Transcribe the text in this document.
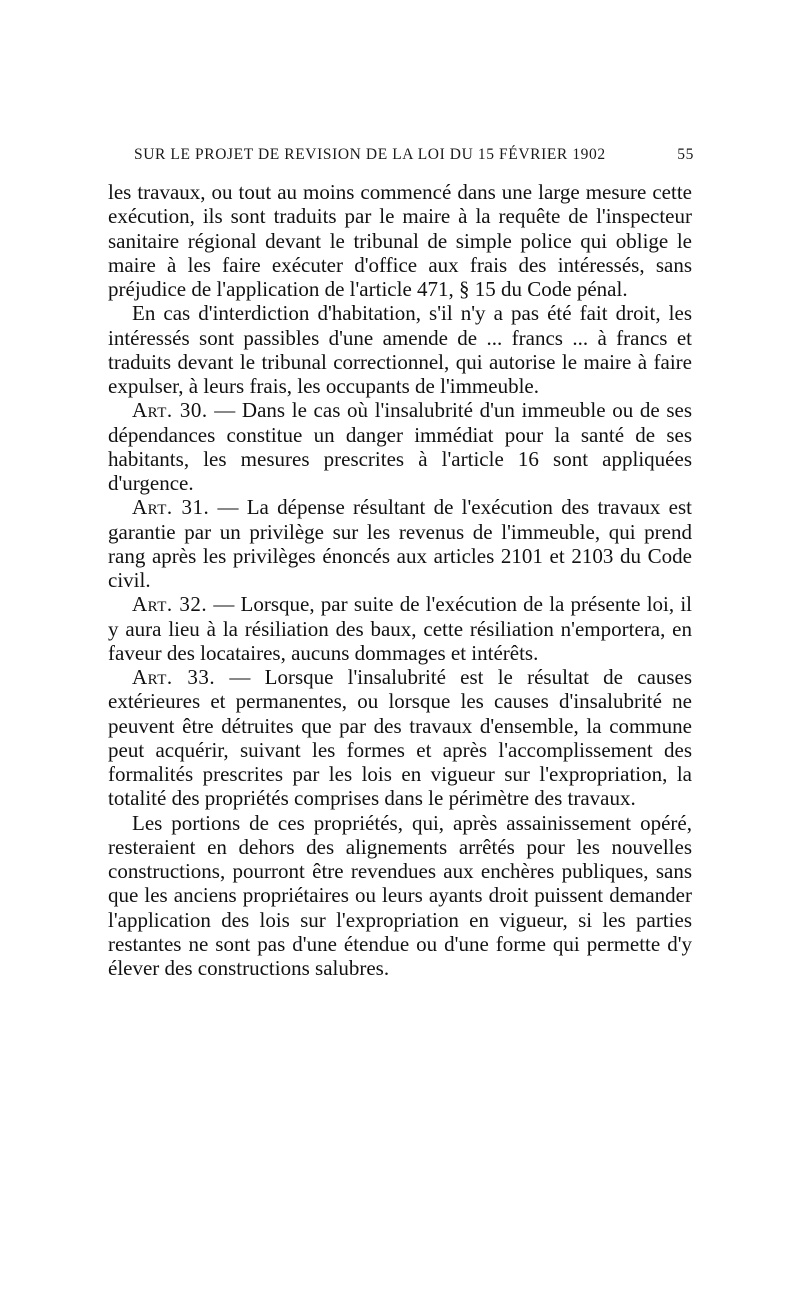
SUR LE PROJET DE REVISION DE LA LOI DU 15 FÉVRIER 1902	55

les travaux, ou tout au moins commencé dans une large mesure cette exécution, ils sont traduits par le maire à la requête de l'inspecteur sanitaire régional devant le tribunal de simple police qui oblige le maire à les faire exécuter d'office aux frais des intéressés, sans préjudice de l'application de l'article 471, § 15 du Code pénal.

En cas d'interdiction d'habitation, s'il n'y a pas été fait droit, les intéressés sont passibles d'une amende de ... francs ... à francs et traduits devant le tribunal correctionnel, qui autorise le maire à faire expulser, à leurs frais, les occupants de l'immeuble.

Art. 30. — Dans le cas où l'insalubrité d'un immeuble ou de ses dépendances constitue un danger immédiat pour la santé de ses habitants, les mesures prescrites à l'article 16 sont appliquées d'urgence.

Art. 31. — La dépense résultant de l'exécution des travaux est garantie par un privilège sur les revenus de l'immeuble, qui prend rang après les privilèges énoncés aux articles 2101 et 2103 du Code civil.

Art. 32. — Lorsque, par suite de l'exécution de la présente loi, il y aura lieu à la résiliation des baux, cette résiliation n'emportera, en faveur des locataires, aucuns dommages et intérêts.

Art. 33. — Lorsque l'insalubrité est le résultat de causes extérieures et permanentes, ou lorsque les causes d'insalubrité ne peuvent être détruites que par des travaux d'ensemble, la commune peut acquérir, suivant les formes et après l'accomplissement des formalités prescrites par les lois en vigueur sur l'expropriation, la totalité des propriétés comprises dans le périmètre des travaux.

Les portions de ces propriétés, qui, après assainissement opéré, resteraient en dehors des alignements arrêtés pour les nouvelles constructions, pourront être revendues aux enchères publiques, sans que les anciens propriétaires ou leurs ayants droit puissent demander l'application des lois sur l'expropriation en vigueur, si les parties restantes ne sont pas d'une étendue ou d'une forme qui permette d'y élever des constructions salubres.
